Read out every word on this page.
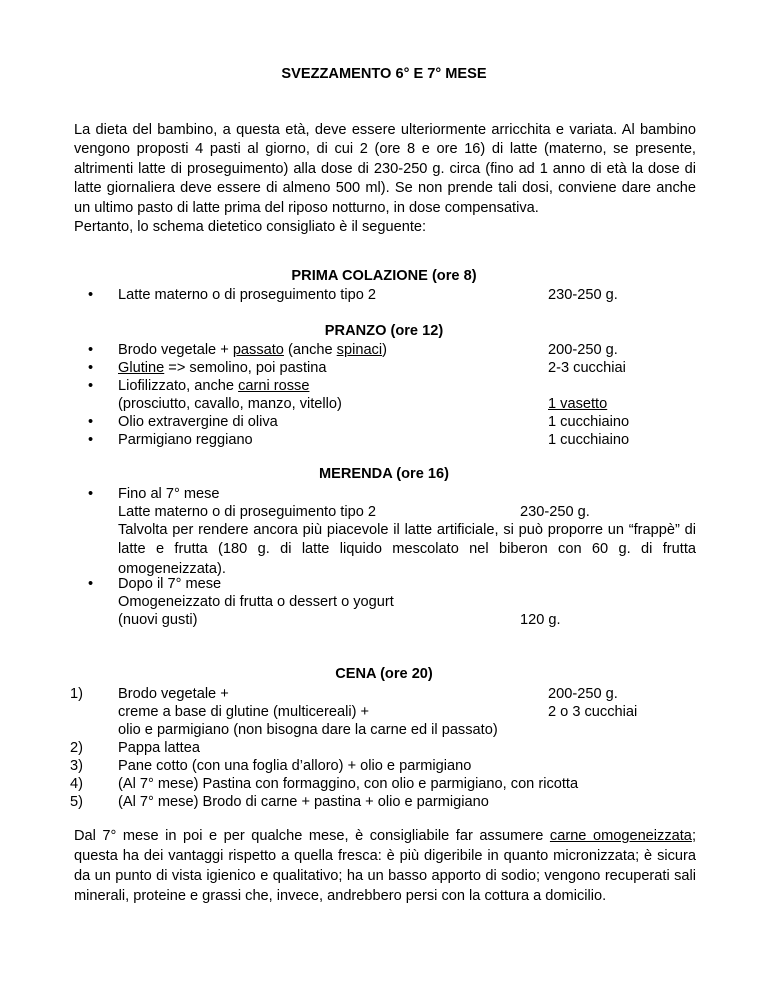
SVEZZAMENTO 6° E 7° MESE

La dieta del bambino, a questa età, deve essere ulteriormente arricchita e variata. Al bambino vengono proposti 4 pasti al giorno, di cui 2 (ore 8 e ore 16) di latte (materno, se presente, altrimenti latte di proseguimento) alla dose di 230-250 g. circa (fino ad 1 anno di età la dose di latte giornaliera deve essere di almeno 500 ml). Se non prende tali dosi, conviene dare anche un ultimo pasto di latte prima del riposo notturno, in dose compensativa.

Pertanto, lo schema dietetico consigliato è il seguente:

PRIMA COLAZIONE (ore 8)
• Latte materno o di proseguimento tipo 2	230-250 g.
PRANZO (ore 12)
• Brodo vegetale + passato (anche spinaci)	200-250 g.
• Glutine => semolino, poi pastina	2-3 cucchiai
• Liofilizzato, anche carni rosse
(prosciutto, cavallo, manzo, vitello)	1 vasetto
• Olio extravergine di oliva	1 cucchiaino
• Parmigiano reggiano	1 cucchiaino
MERENDA (ore 16)
• Fino al 7° mese
Latte materno o di proseguimento tipo 2	230-250 g.
Talvolta per rendere ancora più piacevole il latte artificiale, si può proporre un “frappè” di latte e frutta (180 g. di latte liquido mescolato nel biberon con 60 g. di frutta omogeneizzata).
• Dopo il 7° mese
Omogeneizzato di frutta o dessert o yogurt
(nuovi gusti)	120 g.
CENA (ore 20)
1) Brodo vegetale +	200-250 g.
creme a base di glutine (multicereali) +	2 o 3 cucchiai
olio e parmigiano (non bisogna dare la carne ed il passato)
2) Pappa lattea
3) Pane cotto (con una foglia d’alloro) + olio e parmigiano
4) (Al 7° mese) Pastina con formaggino, con olio e parmigiano, con ricotta
5) (Al 7° mese) Brodo di carne + pastina + olio e parmigiano
Dal 7° mese in poi e per qualche mese, è consigliabile far assumere carne omogeneizzata; questa ha dei vantaggi rispetto a quella fresca: è più digeribile in quanto micronizzata; è sicura da un punto di vista igienico e qualitativo; ha un basso apporto di sodio; vengono recuperati sali minerali, proteine e grassi che, invece, andrebbero persi con la cottura a domicilio.
